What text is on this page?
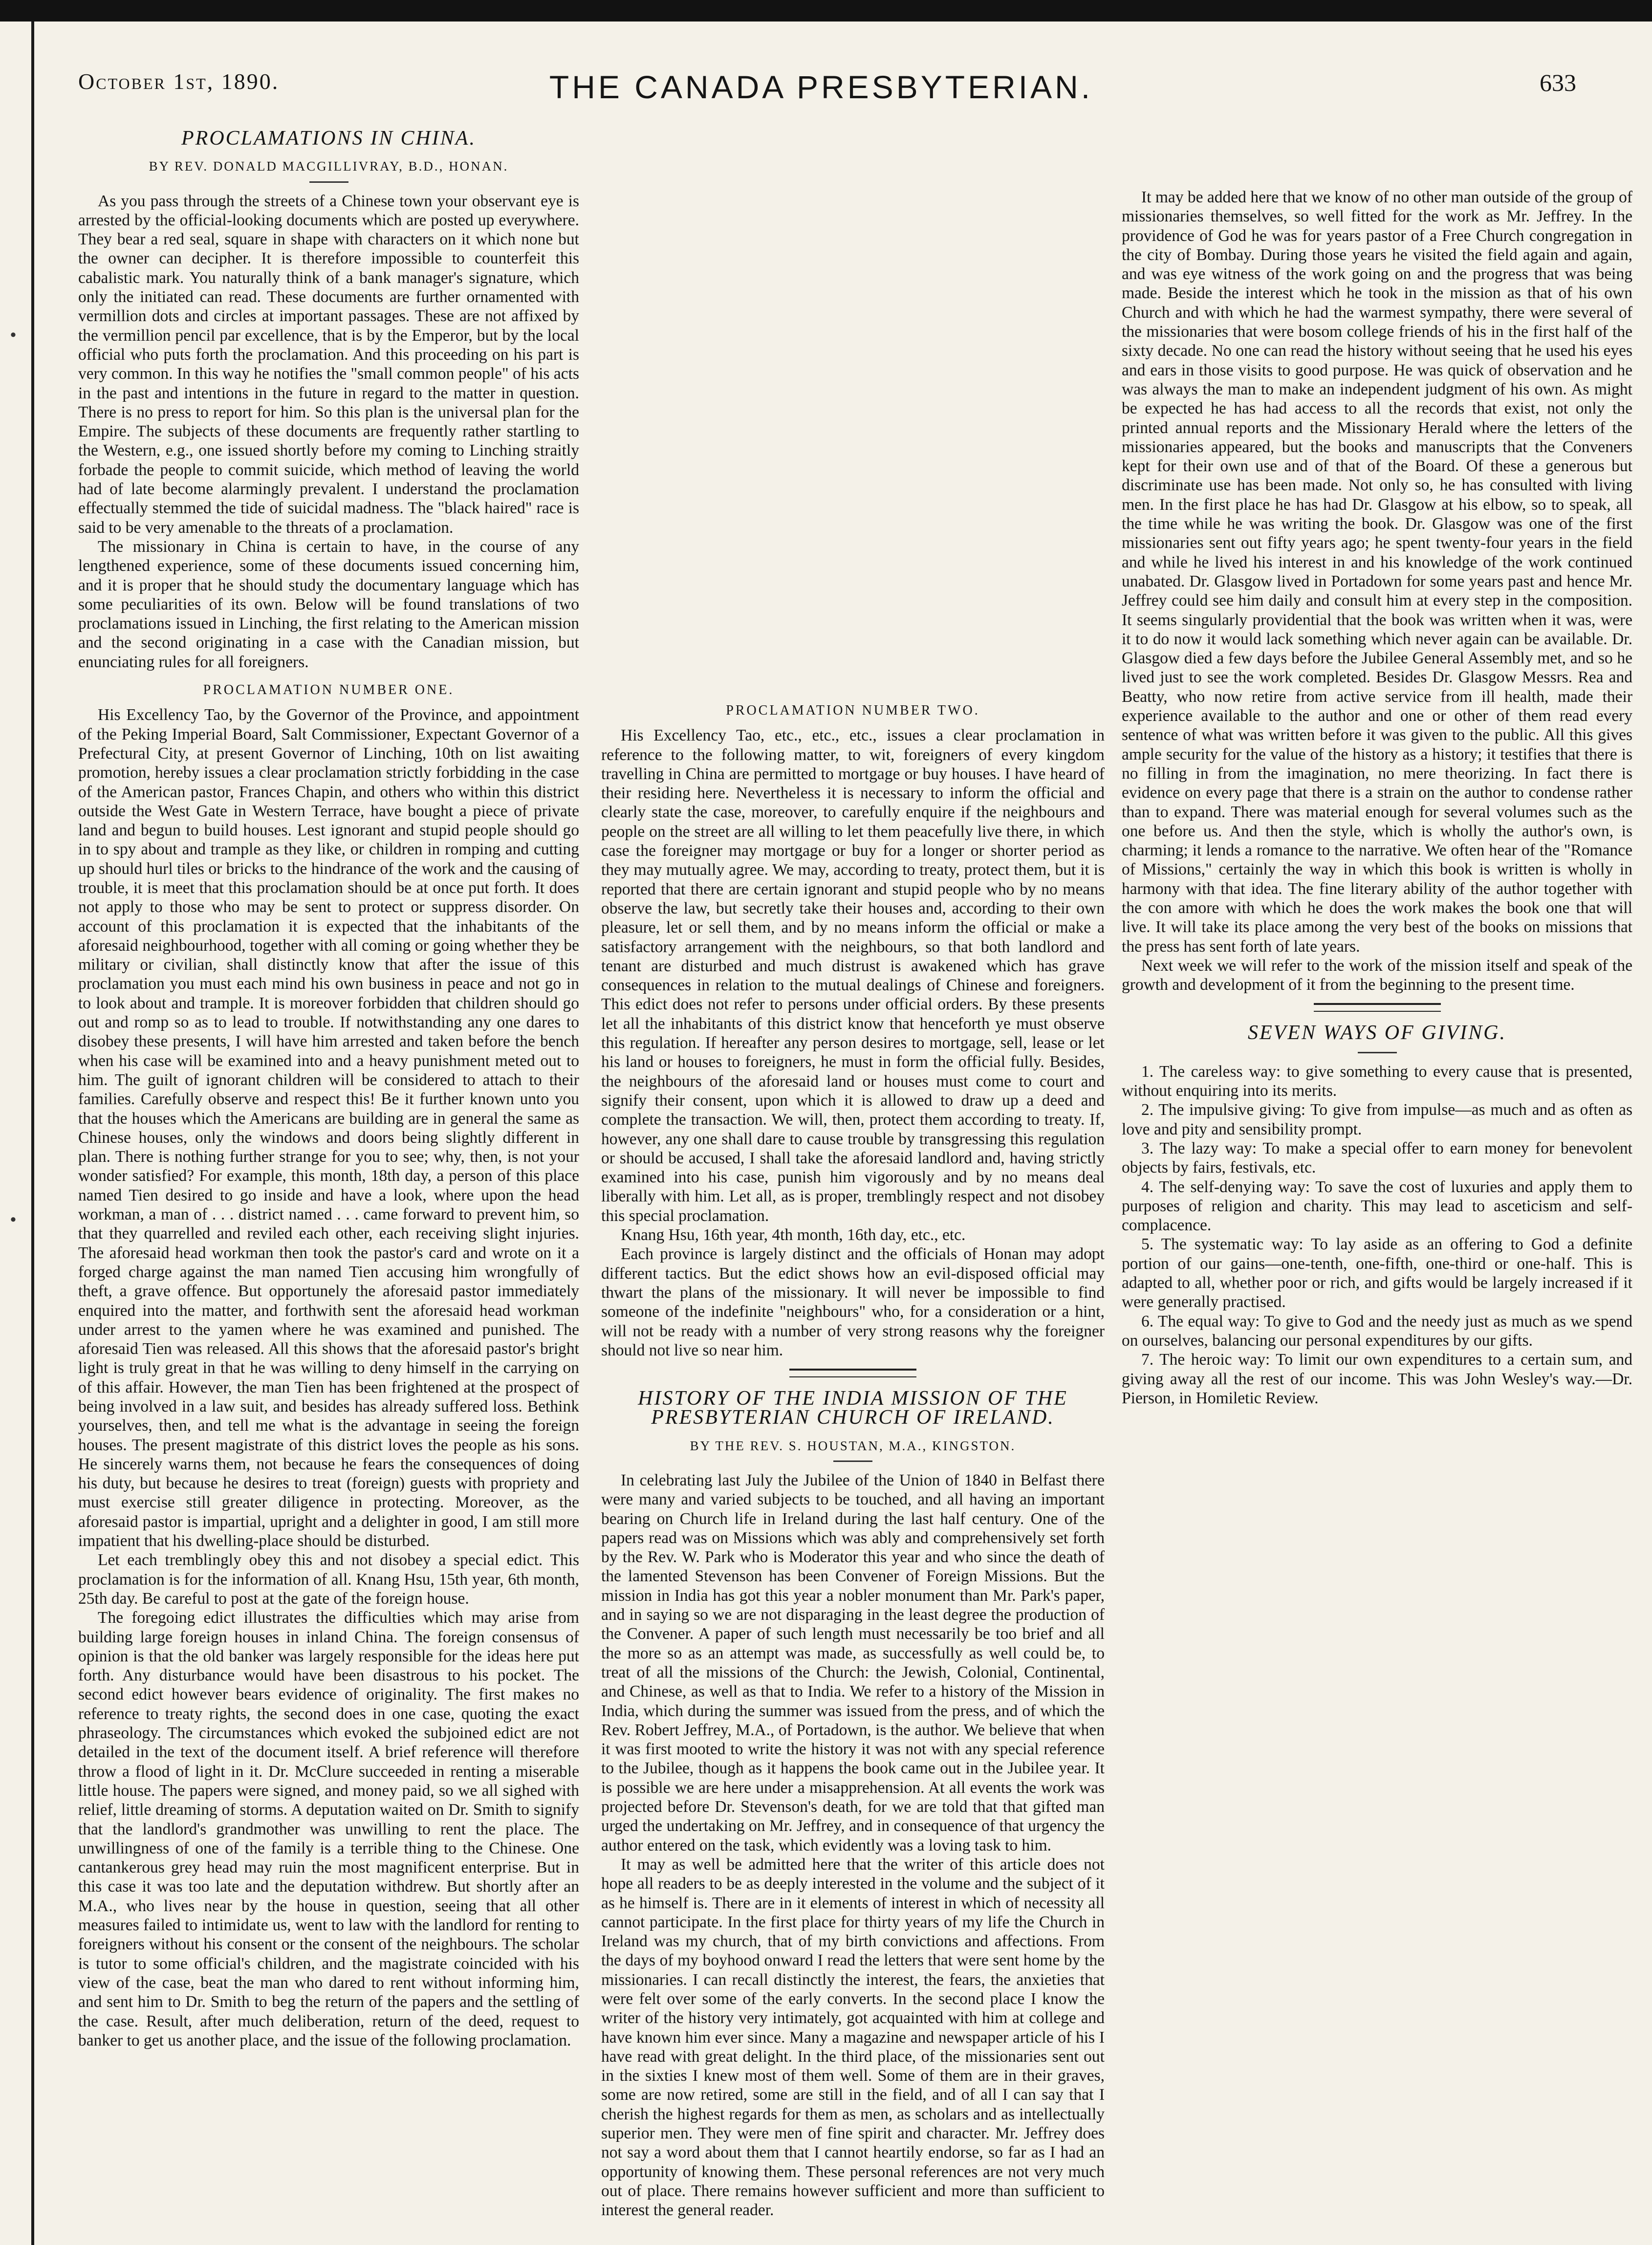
·
·
October 1st, 1890.	THE CANADA PRESBYTERIAN.	633
PROCLAMATIONS IN CHINA.
BY REV. DONALD MACGILLIVRAY, B.D., HONAN.

As you pass through the streets of a Chinese town your observant eye is arrested by the official-looking documents which are posted up everywhere. They bear a red seal, square in shape with characters on it which none but the owner can decipher. It is therefore impossible to counterfeit this cabalistic mark. You naturally think of a bank manager's signature, which only the initiated can read. These documents are further ornamented with vermillion dots and circles at important passages. These are not affixed by the vermillion pencil par excellence, that is by the Emperor, but by the local official who puts forth the proclamation. And this proceeding on his part is very common. In this way he notifies the "small common people" of his acts in the past and intentions in the future in regard to the matter in question. There is no press to report for him. So this plan is the universal plan for the Empire. The subjects of these documents are frequently rather startling to the Western, e.g., one issued shortly before my coming to Linching straitly forbade the people to commit suicide, which method of leaving the world had of late become alarmingly prevalent. I understand the proclamation effectually stemmed the tide of suicidal madness. The "black haired" race is said to be very amenable to the threats of a proclamation.

The missionary in China is certain to have, in the course of any lengthened experience, some of these documents issued concerning him, and it is proper that he should study the documentary language which has some peculiarities of its own. Below will be found translations of two proclamations issued in Linching, the first relating to the American mission and the second originating in a case with the Canadian mission, but enunciating rules for all foreigners.

PROCLAMATION NUMBER ONE.

His Excellency Tao, by the Governor of the Province, and appointment of the Peking Imperial Board, Salt Commissioner, Expectant Governor of a Prefectural City, at present Governor of Linching, 10th on list awaiting promotion, hereby issues a clear proclamation strictly forbidding in the case of the American pastor, Frances Chapin, and others who within this district outside the West Gate in Western Terrace, have bought a piece of private land and begun to build houses. Lest ignorant and stupid people should go in to spy about and trample as they like, or children in romping and cutting up should hurl tiles or bricks to the hindrance of the work and the causing of trouble, it is meet that this proclamation should be at once put forth. It does not apply to those who may be sent to protect or suppress disorder. On account of this proclamation it is expected that the inhabitants of the aforesaid neighbourhood, together with all coming or going whether they be military or civilian, shall distinctly know that after the issue of this proclamation you must each mind his own business in peace and not go in to look about and trample. It is moreover forbidden that children should go out and romp so as to lead to trouble. If notwithstanding any one dares to disobey these presents, I will have him arrested and taken before the bench when his case will be examined into and a heavy punishment meted out to him. The guilt of ignorant children will be considered to attach to their families. Carefully observe and respect this! Be it further known unto you that the houses which the Americans are building are in general the same as Chinese houses, only the windows and doors being slightly different in plan. There is nothing further strange for you to see; why, then, is not your wonder satisfied? For example, this month, 18th day, a person of this place named Tien desired to go inside and have a look, where upon the head workman, a man of . . . district named . . . came forward to prevent him, so that they quarrelled and reviled each other, each receiving slight injuries. The aforesaid head workman then took the pastor's card and wrote on it a forged charge against the man named Tien accusing him wrongfully of theft, a grave offence. But opportunely the aforesaid pastor immediately enquired into the matter, and forthwith sent the aforesaid head workman under arrest to the yamen where he was examined and punished. The aforesaid Tien was released. All this shows that the aforesaid pastor's bright light is truly great in that he was willing to deny himself in the carrying on of this affair. However, the man Tien has been frightened at the prospect of being involved in a law suit, and besides has already suffered loss. Bethink yourselves, then, and tell me what is the advantage in seeing the foreign houses. The present magistrate of this district loves the people as his sons. He sincerely warns them, not because he fears the consequences of doing his duty, but because he desires to treat (foreign) guests with propriety and must exercise still greater diligence in protecting. Moreover, as the aforesaid pastor is impartial, upright and a delighter in good, I am still more impatient that his dwelling-place should be disturbed.

Let each tremblingly obey this and not disobey a special edict. This proclamation is for the information of all. Knang Hsu, 15th year, 6th month, 25th day. Be careful to post at the gate of the foreign house.

The foregoing edict illustrates the difficulties which may arise from building large foreign houses in inland China. The foreign consensus of opinion is that the old banker was largely responsible for the ideas here put forth. Any disturbance would have been disastrous to his pocket. The second edict however bears evidence of originality. The first makes no reference to treaty rights, the second does in one case, quoting the exact phraseology. The circumstances which evoked the subjoined edict are not detailed in the text of the document itself. A brief reference will therefore throw a flood of light in it. Dr. McClure succeeded in renting a miserable little house. The papers were signed, and money paid, so we all sighed with relief, little dreaming of storms. A deputation waited on Dr. Smith to signify that the landlord's grandmother was unwilling to rent the place. The unwillingness of one of the family is a terrible thing to the Chinese. One cantankerous grey head may ruin the most magnificent enterprise. But in this case it was too late and the deputation withdrew. But shortly after an M.A., who lives near by the house in question, seeing that all other measures failed to intimidate us, went to law with the landlord for renting to foreigners without his consent or the consent of the neighbours. The scholar is tutor to some official's children, and the magistrate coincided with his view of the case, beat the man who dared to rent without informing him, and sent him to Dr. Smith to beg the return of the papers and the settling of the case. Result, after much deliberation, return of the deed, request to banker to get us another place, and the issue of the following proclamation.

PROCLAMATION NUMBER TWO.

His Excellency Tao, etc., etc., etc., issues a clear proclamation in reference to the following matter, to wit, foreigners of every kingdom travelling in China are permitted to mortgage or buy houses. I have heard of their residing here. Nevertheless it is necessary to inform the official and clearly state the case, moreover, to carefully enquire if the neighbours and people on the street are all willing to let them peacefully live there, in which case the foreigner may mortgage or buy for a longer or shorter period as they may mutually agree. We may, according to treaty, protect them, but it is reported that there are certain ignorant and stupid people who by no means observe the law, but secretly take their houses and, according to their own pleasure, let or sell them, and by no means inform the official or make a satisfactory arrangement with the neighbours, so that both landlord and tenant are disturbed and much distrust is awakened which has grave consequences in relation to the mutual dealings of Chinese and foreigners. This edict does not refer to persons under official orders. By these presents let all the inhabitants of this district know that henceforth ye must observe this regulation. If hereafter any person desires to mortgage, sell, lease or let his land or houses to foreigners, he must in form the official fully. Besides, the neighbours of the aforesaid land or houses must come to court and signify their consent, upon which it is allowed to draw up a deed and complete the transaction. We will, then, protect them according to treaty. If, however, any one shall dare to cause trouble by transgressing this regulation or should be accused, I shall take the aforesaid landlord and, having strictly examined into his case, punish him vigorously and by no means deal liberally with him. Let all, as is proper, tremblingly respect and not disobey this special proclamation.

Knang Hsu, 16th year, 4th month, 16th day, etc., etc.

Each province is largely distinct and the officials of Honan may adopt different tactics. But the edict shows how an evil-disposed official may thwart the plans of the missionary. It will never be impossible to find someone of the indefinite "neighbours" who, for a consideration or a hint, will not be ready with a number of very strong reasons why the foreigner should not live so near him.

HISTORY OF THE INDIA MISSION OF THE PRESBYTERIAN CHURCH OF IRELAND.
BY THE REV. S. HOUSTAN, M.A., KINGSTON.

In celebrating last July the Jubilee of the Union of 1840 in Belfast there were many and varied subjects to be touched, and all having an important bearing on Church life in Ireland during the last half century. One of the papers read was on Missions which was ably and comprehensively set forth by the Rev. W. Park who is Moderator this year and who since the death of the lamented Stevenson has been Convener of Foreign Missions. But the mission in India has got this year a nobler monument than Mr. Park's paper, and in saying so we are not disparaging in the least degree the production of the Convener. A paper of such length must necessarily be too brief and all the more so as an attempt was made, as successfully as well could be, to treat of all the missions of the Church: the Jewish, Colonial, Continental, and Chinese, as well as that to India. We refer to a history of the Mission in India, which during the summer was issued from the press, and of which the Rev. Robert Jeffrey, M.A., of Portadown, is the author. We believe that when it was first mooted to write the history it was not with any special reference to the Jubilee, though as it happens the book came out in the Jubilee year. It is possible we are here under a misapprehension. At all events the work was projected before Dr. Stevenson's death, for we are told that that gifted man urged the undertaking on Mr. Jeffrey, and in consequence of that urgency the author entered on the task, which evidently was a loving task to him.

It may as well be admitted here that the writer of this article does not hope all readers to be as deeply interested in the volume and the subject of it as he himself is. There are in it elements of interest in which of necessity all cannot participate. In the first place for thirty years of my life the Church in Ireland was my church, that of my birth convictions and affections. From the days of my boyhood onward I read the letters that were sent home by the missionaries. I can recall distinctly the interest, the fears, the anxieties that were felt over some of the early converts. In the second place I know the writer of the history very intimately, got acquainted with him at college and have known him ever since. Many a magazine and newspaper article of his I have read with great delight. In the third place, of the missionaries sent out in the sixties I knew most of them well. Some of them are in their graves, some are now retired, some are still in the field, and of all I can say that I cherish the highest regards for them as men, as scholars and as intellectually superior men. They were men of fine spirit and character. Mr. Jeffrey does not say a word about them that I cannot heartily endorse, so far as I had an opportunity of knowing them. These personal references are not very much out of place. There remains however sufficient and more than sufficient to interest the general reader.

It may be added here that we know of no other man outside of the group of missionaries themselves, so well fitted for the work as Mr. Jeffrey. In the providence of God he was for years pastor of a Free Church congregation in the city of Bombay. During those years he visited the field again and again, and was eye witness of the work going on and the progress that was being made. Beside the interest which he took in the mission as that of his own Church and with which he had the warmest sympathy, there were several of the missionaries that were bosom college friends of his in the first half of the sixty decade. No one can read the history without seeing that he used his eyes and ears in those visits to good purpose. He was quick of observation and he was always the man to make an independent judgment of his own. As might be expected he has had access to all the records that exist, not only the printed annual reports and the Missionary Herald where the letters of the missionaries appeared, but the books and manuscripts that the Conveners kept for their own use and of that of the Board. Of these a generous but discriminate use has been made. Not only so, he has consulted with living men. In the first place he has had Dr. Glasgow at his elbow, so to speak, all the time while he was writing the book. Dr. Glasgow was one of the first missionaries sent out fifty years ago; he spent twenty-four years in the field and while he lived his interest in and his knowledge of the work continued unabated. Dr. Glasgow lived in Portadown for some years past and hence Mr. Jeffrey could see him daily and consult him at every step in the composition. It seems singularly providential that the book was written when it was, were it to do now it would lack something which never again can be available. Dr. Glasgow died a few days before the Jubilee General Assembly met, and so he lived just to see the work completed. Besides Dr. Glasgow Messrs. Rea and Beatty, who now retire from active service from ill health, made their experience available to the author and one or other of them read every sentence of what was written before it was given to the public. All this gives ample security for the value of the history as a history; it testifies that there is no filling in from the imagination, no mere theorizing. In fact there is evidence on every page that there is a strain on the author to condense rather than to expand. There was material enough for several volumes such as the one before us. And then the style, which is wholly the author's own, is charming; it lends a romance to the narrative. We often hear of the "Romance of Missions," certainly the way in which this book is written is wholly in harmony with that idea. The fine literary ability of the author together with the con amore with which he does the work makes the book one that will live. It will take its place among the very best of the books on missions that the press has sent forth of late years.

Next week we will refer to the work of the mission itself and speak of the growth and development of it from the beginning to the present time.

SEVEN WAYS OF GIVING.

1. The careless way: to give something to every cause that is presented, without enquiring into its merits.

2. The impulsive giving: To give from impulse—as much and as often as love and pity and sensibility prompt.

3. The lazy way: To make a special offer to earn money for benevolent objects by fairs, festivals, etc.

4. The self-denying way: To save the cost of luxuries and apply them to purposes of religion and charity. This may lead to asceticism and self-complacence.

5. The systematic way: To lay aside as an offering to God a definite portion of our gains—one-tenth, one-fifth, one-third or one-half. This is adapted to all, whether poor or rich, and gifts would be largely increased if it were generally practised.

6. The equal way: To give to God and the needy just as much as we spend on ourselves, balancing our personal expenditures by our gifts.

7. The heroic way: To limit our own expenditures to a certain sum, and giving away all the rest of our income. This was John Wesley's way.—Dr. Pierson, in Homiletic Review.
